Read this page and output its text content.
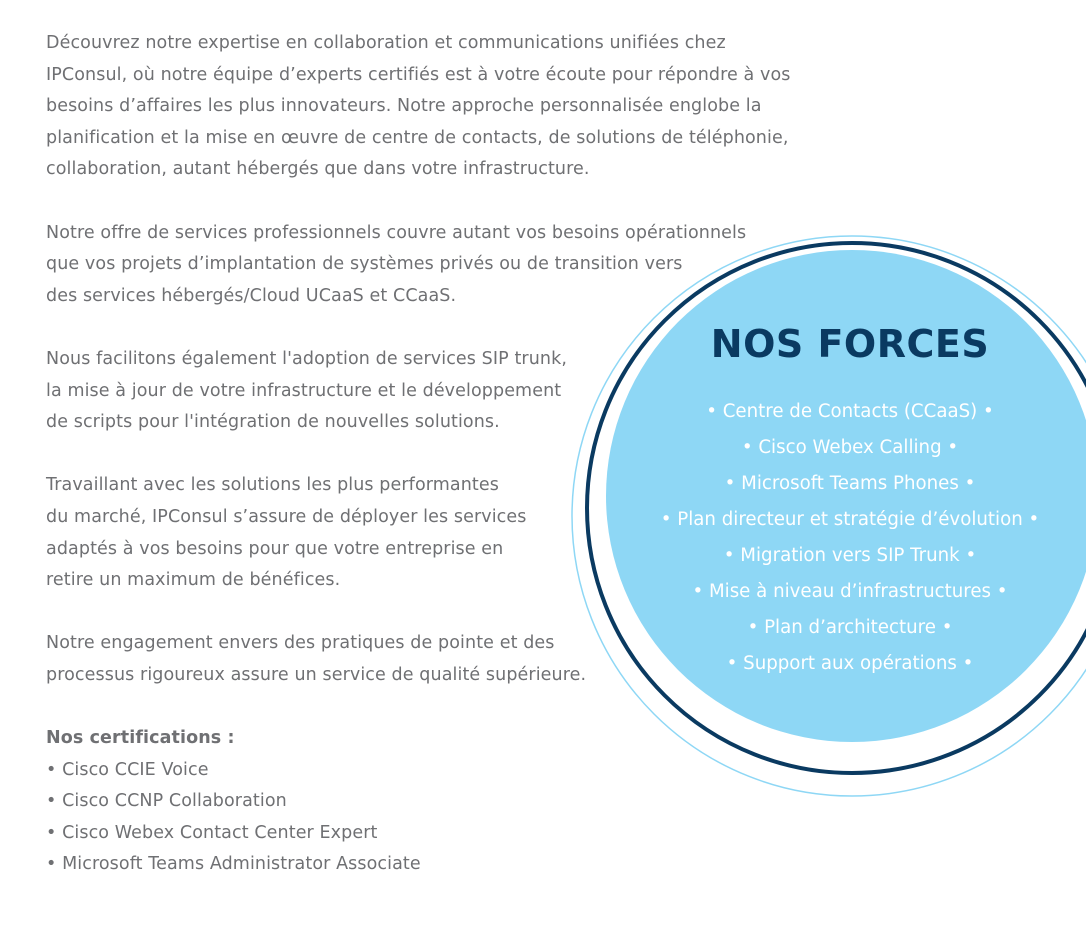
Découvrez notre expertise en collaboration et communications unifiées chez
IPConsul, où notre équipe d’experts certifiés est à votre écoute pour répondre à vos
besoins d’affaires les plus innovateurs. Notre approche personnalisée englobe la
planification et la mise en œuvre de centre de contacts, de solutions de téléphonie,
collaboration, autant hébergés que dans votre infrastructure.

Notre offre de services professionnels couvre autant vos besoins opérationnels
que vos projets d’implantation de systèmes privés ou de transition vers
des services hébergés/Cloud UCaaS et CCaaS.

Nous facilitons également l'adoption de services SIP trunk,
la mise à jour de votre infrastructure et le développement
de scripts pour l'intégration de nouvelles solutions.

Travaillant avec les solutions les plus performantes
du marché, IPConsul s’assure de déployer les services
adaptés à vos besoins pour que votre entreprise en
retire un maximum de bénéfices.

Notre engagement envers des pratiques de pointe et des
processus rigoureux assure un service de qualité supérieure.

Nos certifications :
• Cisco CCIE Voice
• Cisco CCNP Collaboration
• Cisco Webex Contact Center Expert
• Microsoft Teams Administrator Associate
NOS FORCES
• Centre de Contacts (CCaaS) •
• Cisco Webex Calling •
• Microsoft Teams Phones •
• Plan directeur et stratégie d’évolution •
• Migration vers SIP Trunk •
• Mise à niveau d’infrastructures •
• Plan d’architecture •
• Support aux opérations •
